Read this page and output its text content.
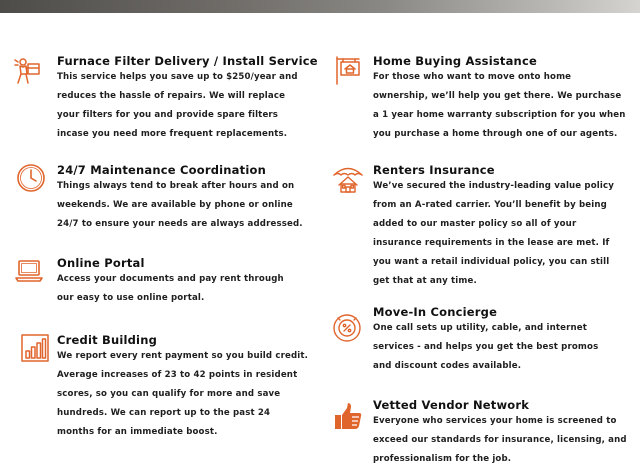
Furnace Filter Delivery / Install Service
This service helps you save up to $250/year and
reduces the hassle of repairs. We will replace
your filters for you and provide spare filters
incase you need more frequent replacements.
24/7 Maintenance Coordination
Things always tend to break after hours and on
weekends. We are available by phone or online
24/7 to ensure your needs are always addressed.
Online Portal
Access your documents and pay rent through
our easy to use online portal.
Credit Building
We report every rent payment so you build credit.
Average increases of 23 to 42 points in resident
scores, so you can qualify for more and save
hundreds. We can report up to the past 24
months for an immediate boost.
Home Buying Assistance
For those who want to move onto home
ownership, we’ll help you get there. We purchase
a 1 year home warranty subscription for you when
you purchase a home through one of our agents.
Renters Insurance
We’ve secured the industry-leading value policy
from an A-rated carrier. You’ll benefit by being
added to our master policy so all of your
insurance requirements in the lease are met. If
you want a retail individual policy, you can still
get that at any time.
Move-In Concierge
One call sets up utility, cable, and internet
services - and helps you get the best promos
and discount codes available.
Vetted Vendor Network
Everyone who services your home is screened to
exceed our standards for insurance, licensing, and
professionalism for the job.
